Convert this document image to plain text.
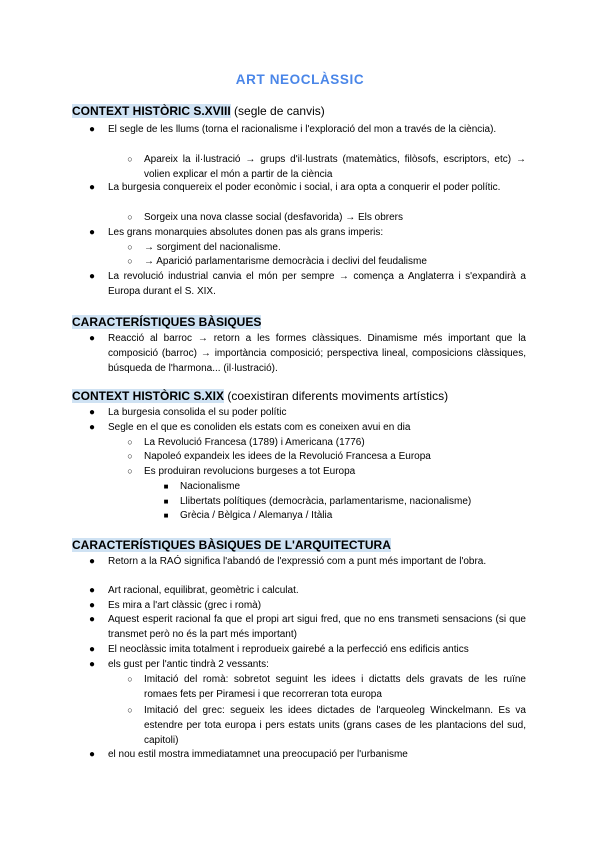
ART NEOCLÀSSIC
CONTEXT HISTÒRIC S.XVIII (segle de canvis)
● El segle de les llums (torna el racionalisme i l'exploració del mon a través de la ciència).
○	Apareix la il·lustració → grups d'il·lustrats (matemàtics, filòsofs, escriptors, etc) → volien explicar el món a partir de la ciència
● La burgesia conquereix el poder econòmic i social, i ara opta a conquerir el poder polític.
○	Sorgeix una nova classe social (desfavorida) → Els obrers
● Les grans monarquies absolutes donen pas als grans imperis:
○	→ sorgiment del nacionalisme.
○	→ Aparició parlamentarisme democràcia i declivi del feudalisme
● La revolució industrial canvia el món per sempre → comença a Anglaterra i s'expandirà a Europa durant el S. XIX.
CARACTERÍSTIQUES BÀSIQUES
● Reacció al barroc → retorn a les formes clàssiques. Dinamisme més important que la composició (barroc) → importància composició; perspectiva lineal, composicions clàssiques, búsqueda de l'harmona... (il·lustració).
CONTEXT HISTÒRIC S.XIX (coexistiran diferents moviments artístics)
● La burgesia consolida el su poder polític
● Segle en el que es conoliden els estats com es coneixen avui en dia
○	La Revolució Francesa (1789) i Americana (1776)
○	Napoleó expandeix les idees de la Revolució Francesa a Europa
○	Es produiran revolucions burgeses a tot Europa
■	Nacionalisme
■	Llibertats polítiques (democràcia, parlamentarisme, nacionalisme)
■	Grècia / Bèlgica / Alemanya / Itàlia
CARACTERÍSTIQUES BÀSIQUES DE L'ARQUITECTURA
● Retorn a la RAÓ significa l'abandó de l'expressió com a punt més important de l'obra.
● Art racional, equilibrat, geomètric i calculat.
● Es mira a l'art clàssic (grec i romà)
● Aquest esperit racional fa que el propi art sigui fred, que no ens transmeti sensacions (si que transmet però no és la part més important)
● El neoclàssic imita totalment i reprodueix gairebé a la perfecció ens edificis antics
● els gust per l'antic tindrà 2 vessants:
○	Imitació del romà: sobretot seguint les idees i dictatts dels gravats de les ruïne romaes fets per Piramesi i que recorreran tota europa
○	Imitació del grec: segueix les idees dictades de l'arqueoleg Winckelmann. Es va estendre per tota europa i pers estats units (grans cases de les plantacions del sud, capitoli)
● el nou estil mostra immediatamnet una preocupació per l'urbanisme
